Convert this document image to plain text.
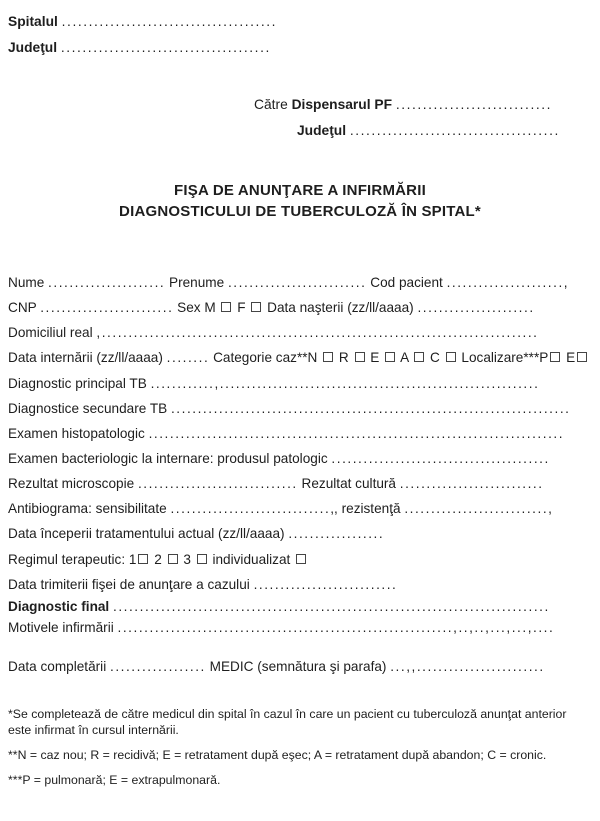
Spitalul ........................................
Judeţul .......................................
Către Dispensarul PF .............................
Judeţul .......................................
FIŞA DE ANUNŢARE A INFIRMĂRII
DIAGNOSTICULUI DE TUBERCULOZĂ ÎN SPITAL*
Nume ...................... Prenume .......................... Cod pacient ......................,
CNP ......................... Sex M  F  Data naşterii (zz/ll/aaaa) ......................
Domiciliul real ,..................................................................................
Data internării (zz/ll/aaaa) ........ Categorie caz**N  R  E  A  C  Localizare***P E
Diagnostic principal TB ............,............................................................
Diagnostice secundare TB ...........................................................................
Examen histopatologic ..............................................................................
Examen bacteriologic la internare: produsul patologic .........................................
Rezultat microscopie .............................. Rezultat cultură ...........................
Antibiograma: sensibilitate ..............................,, rezistenţă ...........................,
Data începerii tratamentului actual (zz/ll/aaaa) ..................
Regimul terapeutic: 1 2  3  individualizat
Data trimiterii fişei de anunţare a cazului ...........................
Diagnostic final ..................................................................................
Motivele infirmării ...............................................................,..,..,...,...,....
Data completării .................. MEDIC (semnătura şi parafa) ...,,........................

*Se completează de către medicul din spital în cazul în care un pacient cu tuberculoză anunţat anterior este infirmat în cursul internării.

**N = caz nou; R = recidivă; E = retratament după eşec; A = retratament după abandon; C = cronic.

***P = pulmonară; E = extrapulmonară.
